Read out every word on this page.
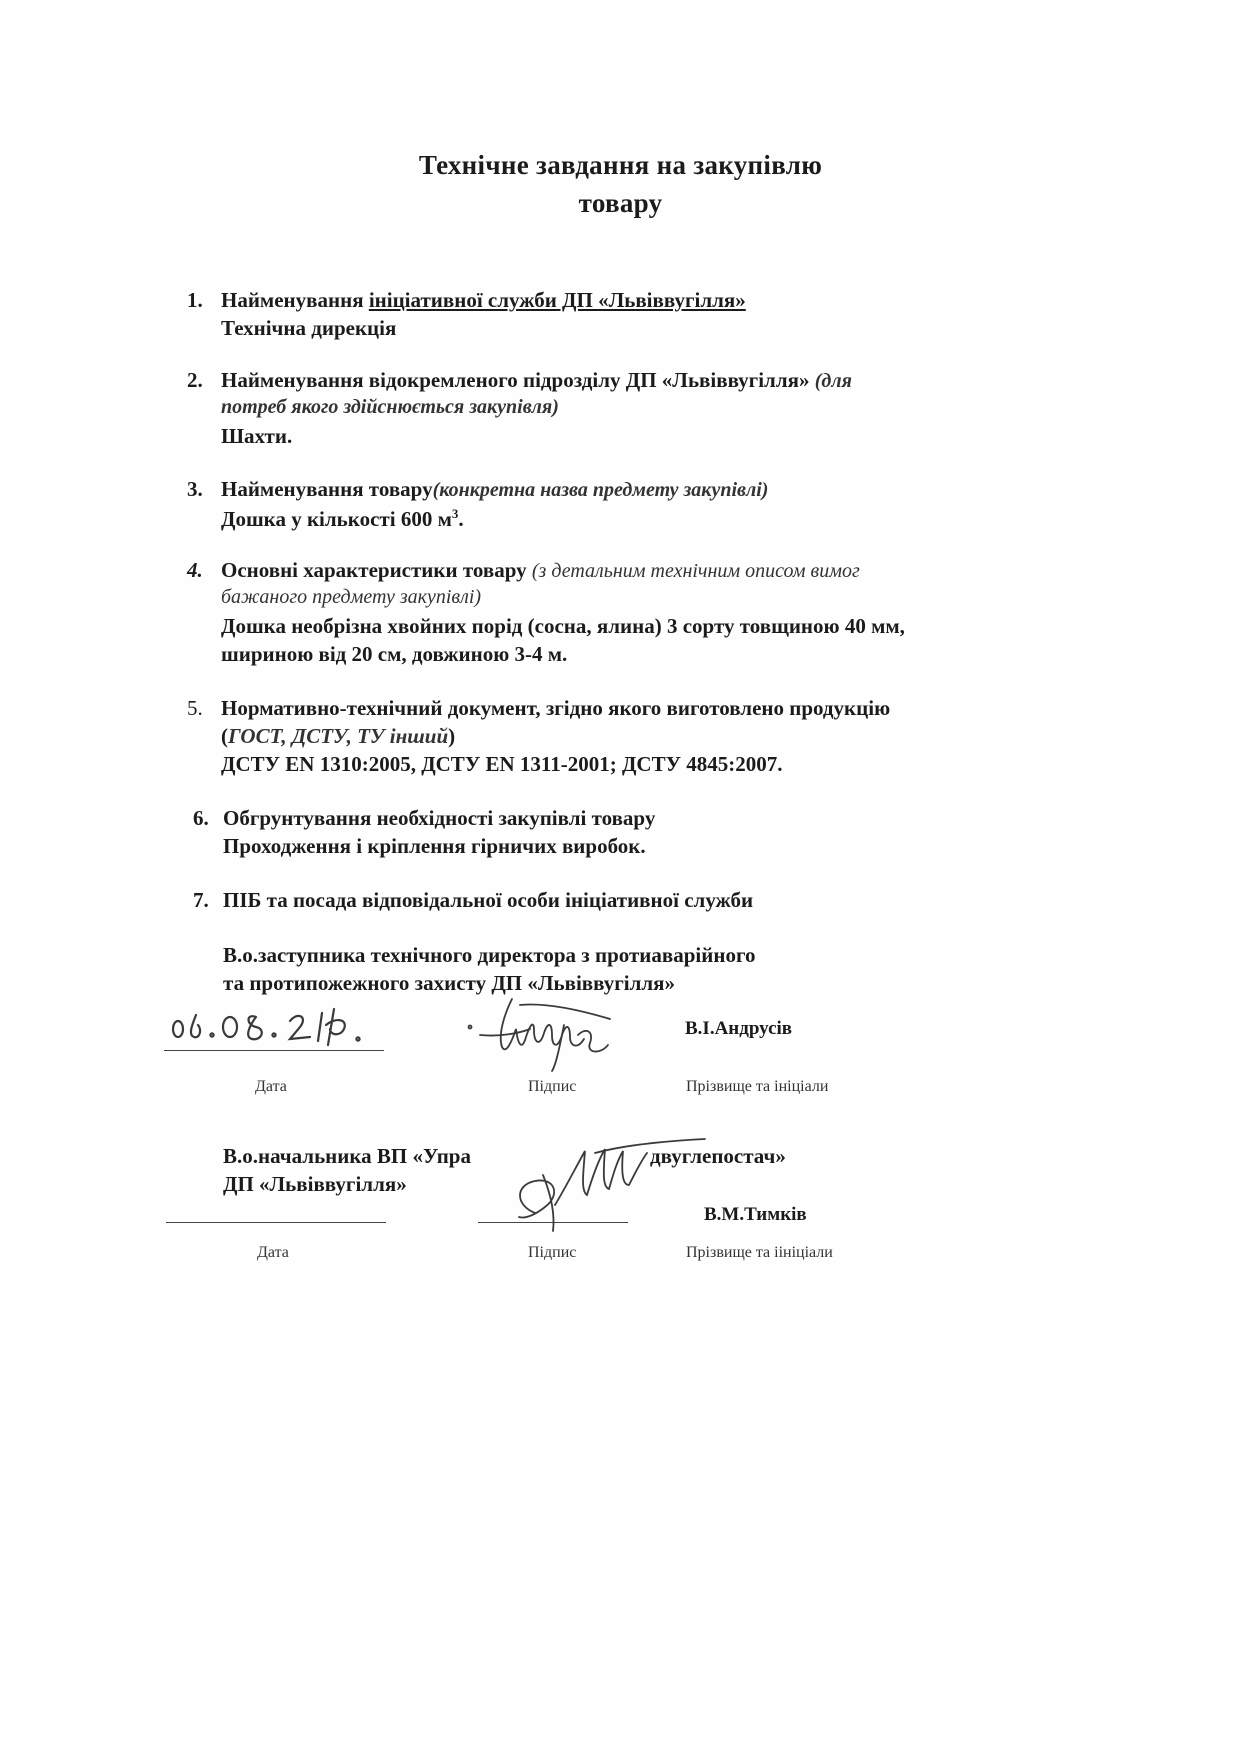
Технічне завдання на закупівлю
товару
1. Найменування ініціативної служби ДП «Львіввугілля»
Технічна дирекція
2. Найменування відокремленого підрозділу ДП «Львіввугілля» (для
потреб якого здійснюється закупівля)
Шахти.
3. Найменування товару(конкретна назва предмету закупівлі)
Дошка у кількості 600 $м^3$.
4. Основні характеристики товару (з детальним технічним описом вимог
бажаного предмету закупівлі)
Дошка необрізна хвойних порід (сосна, ялина) 3 сорту товщиною 40 мм,
шириною від 20 см, довжиною 3-4 м.
5. Нормативно-технічний документ, згідно якого виготовлено продукцію
(ГОСТ, ДСТУ, ТУ інший)
ДСТУ EN 1310:2005, ДСТУ EN 1311-2001; ДСТУ 4845:2007.
6. Обгрунтування необхідності закупівлі товару
Проходження і кріплення гірничих виробок.
7. ПІБ та посада відповідальної особи ініціативної служби
В.о.заступника технічного директора з протиаварійного
та протипожежного захисту ДП «Львіввугілля»
В.І.Андрусів
Дата	Підпис	Прізвище та ініціали
В.о.начальника ВП «Упра	двуглепостач»
ДП «Львіввугілля»
В.М.Тимків
Дата	Підпис	Прізвище та іініціали
